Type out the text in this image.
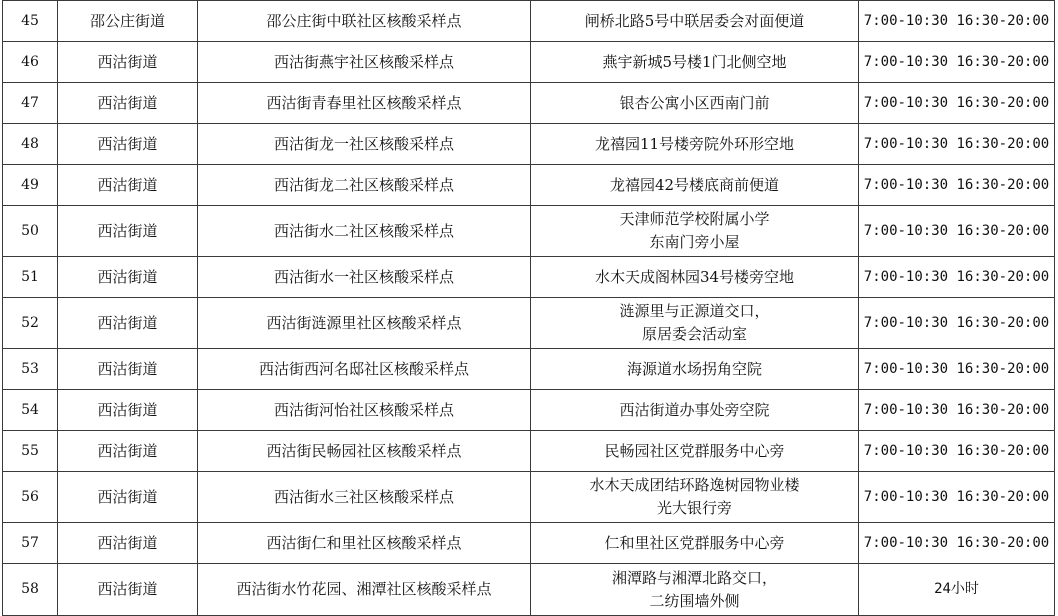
45	邵公庄街道	邵公庄街中联社区核酸采样点	闸桥北路5号中联居委会对面便道	7:00-10:30 16:30-20:00
46	西沽街道	西沽街燕宇社区核酸采样点	燕宇新城5号楼1门北侧空地	7:00-10:30 16:30-20:00
47	西沽街道	西沽街青春里社区核酸采样点	银杏公寓小区西南门前	7:00-10:30 16:30-20:00
48	西沽街道	西沽街龙一社区核酸采样点	龙禧园11号楼旁院外环形空地	7:00-10:30 16:30-20:00
49	西沽街道	西沽街龙二社区核酸采样点	龙禧园42号楼底商前便道	7:00-10:30 16:30-20:00
50	西沽街道	西沽街水二社区核酸采样点	天津师范学校附属小学
东南门旁小屋	7:00-10:30 16:30-20:00
51	西沽街道	西沽街水一社区核酸采样点	水木天成阁林园34号楼旁空地	7:00-10:30 16:30-20:00
52	西沽街道	西沽街涟源里社区核酸采样点	涟源里与正源道交口，
原居委会活动室	7:00-10:30 16:30-20:00
53	西沽街道	西沽街西河名邸社区核酸采样点	海源道水场拐角空院	7:00-10:30 16:30-20:00
54	西沽街道	西沽街河怡社区核酸采样点	西沽街道办事处旁空院	7:00-10:30 16:30-20:00
55	西沽街道	西沽街民畅园社区核酸采样点	民畅园社区党群服务中心旁	7:00-10:30 16:30-20:00
56	西沽街道	西沽街水三社区核酸采样点	水木天成团结环路逸树园物业楼
光大银行旁	7:00-10:30 16:30-20:00
57	西沽街道	西沽街仁和里社区核酸采样点	仁和里社区党群服务中心旁	7:00-10:30 16:30-20:00
58	西沽街道	西沽街水竹花园、湘潭社区核酸采样点	湘潭路与湘潭北路交口，
二纺围墙外侧	24小时
